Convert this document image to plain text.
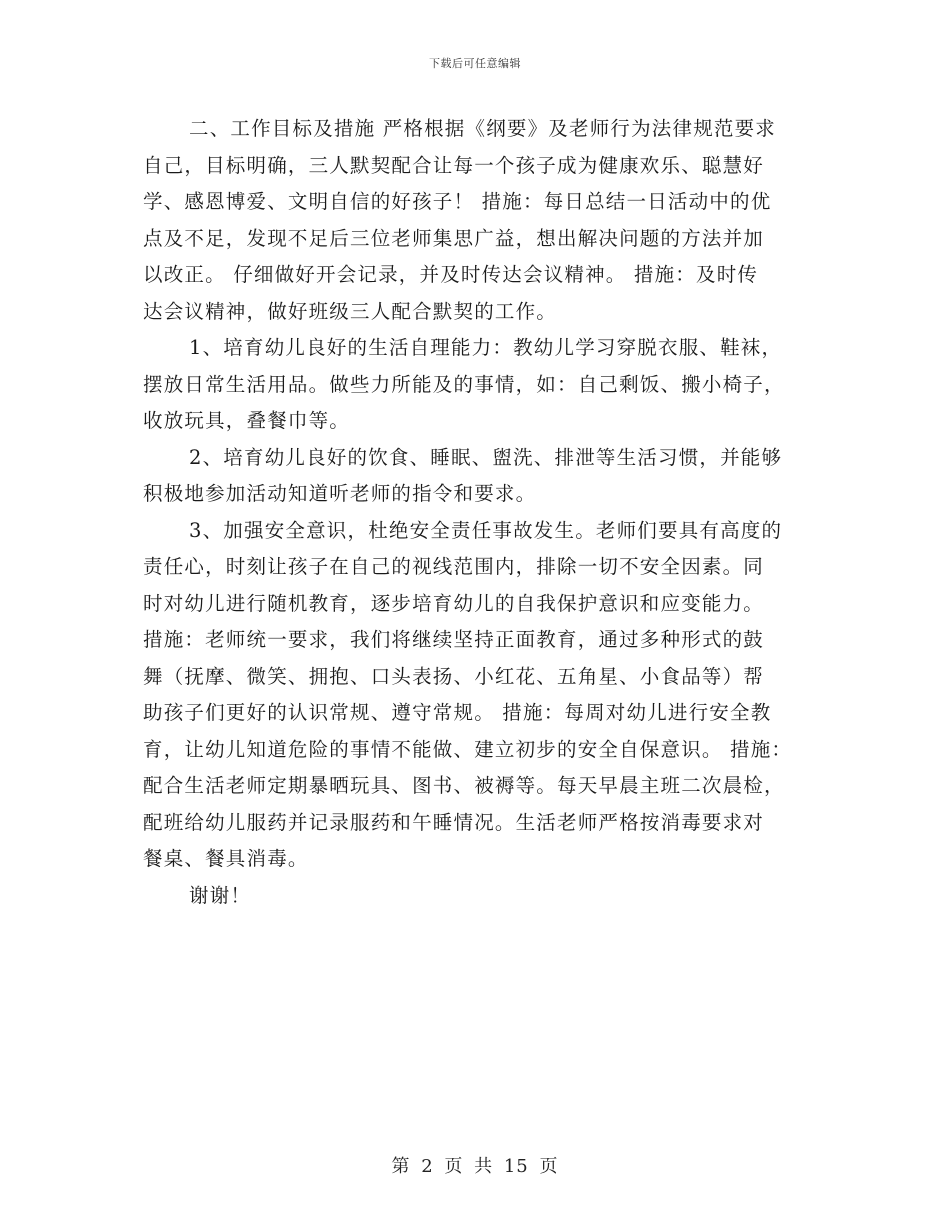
下载后可任意编辑
二、工作目标及措施 严格根据《纲要》及老师行为法律规范要求
自己，目标明确，三人默契配合让每一个孩子成为健康欢乐、聪慧好
学、感恩博爱、文明自信的好孩子！ 措施：每日总结一日活动中的优
点及不足，发现不足后三位老师集思广益，想出解决问题的方法并加
以改正。 仔细做好开会记录，并及时传达会议精神。 措施：及时传
达会议精神，做好班级三人配合默契的工作。
1、培育幼儿良好的生活自理能力：教幼儿学习穿脱衣服、鞋袜，
摆放日常生活用品。做些力所能及的事情，如：自己剩饭、搬小椅子，
收放玩具，叠餐巾等。
2、培育幼儿良好的饮食、睡眠、盥洗、排泄等生活习惯，并能够
积极地参加活动知道听老师的指令和要求。
3、加强安全意识，杜绝安全责任事故发生。老师们要具有高度的
责任心，时刻让孩子在自己的视线范围内，排除一切不安全因素。同
时对幼儿进行随机教育，逐步培育幼儿的自我保护意识和应变能力。
措施：老师统一要求，我们将继续坚持正面教育，通过多种形式的鼓
舞（抚摩、微笑、拥抱、口头表扬、小红花、五角星、小食品等）帮
助孩子们更好的认识常规、遵守常规。 措施：每周对幼儿进行安全教
育，让幼儿知道危险的事情不能做、建立初步的安全自保意识。 措施：
配合生活老师定期暴晒玩具、图书、被褥等。每天早晨主班二次晨检，
配班给幼儿服药并记录服药和午睡情况。生活老师严格按消毒要求对
餐桌、餐具消毒。
谢谢！
第 2 页 共 15 页
